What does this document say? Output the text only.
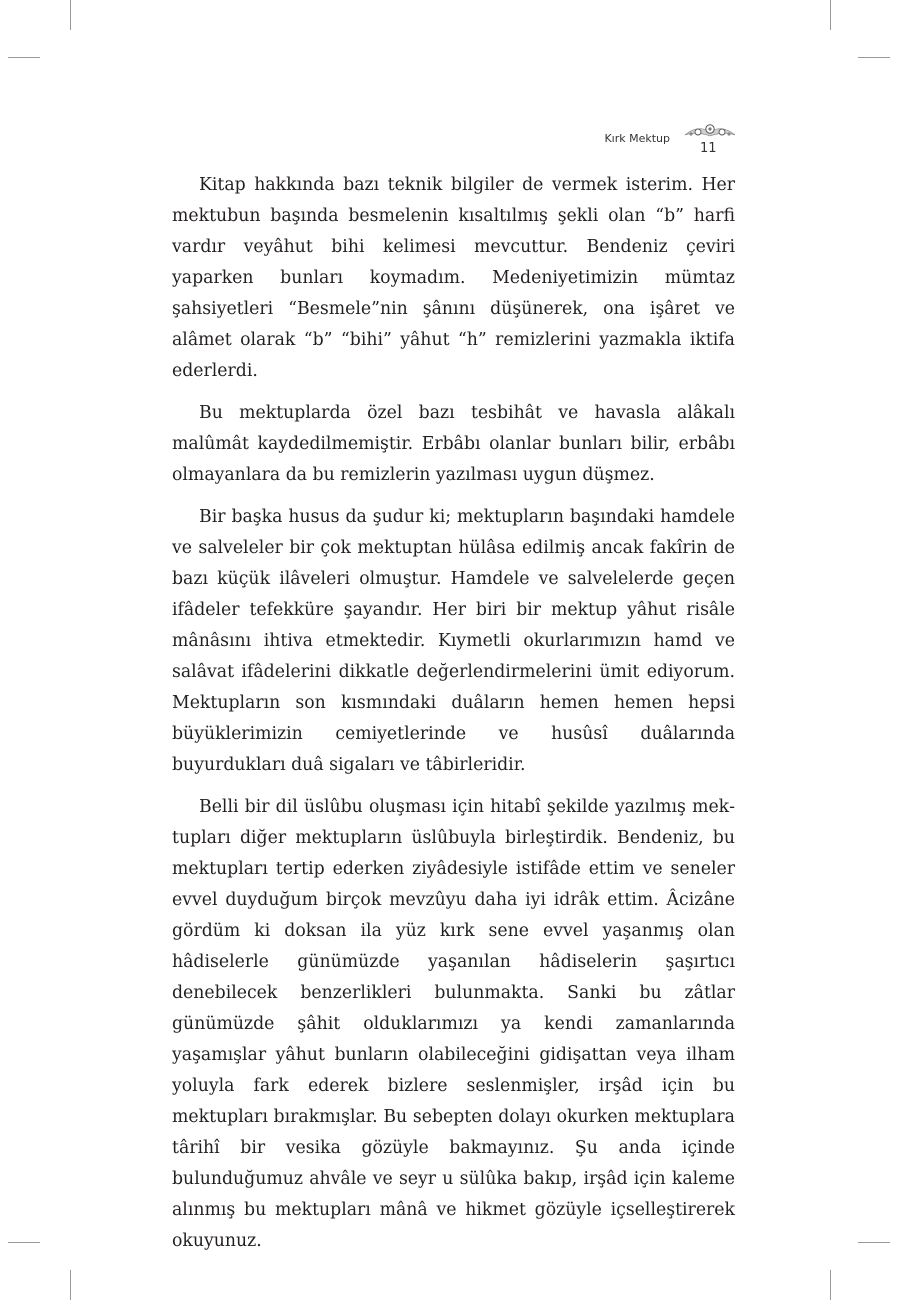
Kırk Mektup
11

Kitap hakkında bazı teknik bilgiler de vermek isterim. Her mektubun başında besmelenin kısaltılmış şekli olan “b” harfi vardır veyâhut bihi kelimesi mevcuttur. Bendeniz çeviri yaparken bunları koymadım. Medeniyetimizin mümtaz şahsiyetleri “Besmele”nin şânını düşünerek, ona işâret ve alâmet olarak “b” “bihi” yâhut “h” remizlerini yazmakla iktifa ederlerdi.

Bu mektuplarda özel bazı tesbihât ve havasla alâkalı malûmât kaydedilmemiştir. Erbâbı olanlar bunları bilir, erbâbı olmayanlara da bu remizlerin yazılması uygun düşmez.

Bir başka husus da şudur ki; mektupların başındaki hamdele ve salveleler bir çok mektuptan hülâsa edilmiş ancak fakîrin de bazı küçük ilâveleri olmuştur. Hamdele ve salvelelerde geçen ifâdeler tefekküre şayandır. Her biri bir mektup yâhut risâle mânâsını ihtiva etmektedir. Kıymetli okurlarımızın hamd ve salâvat ifâdelerini dikkatle değerlendirmelerini ümit ediyorum. Mektupların son kısmındaki duâların hemen hemen hepsi büyüklerimizin cemiyetlerinde ve husûsî duâlarında buyurdukları duâ sigaları ve tâbirleridir.

Belli bir dil üslûbu oluşması için hitabî şekilde yazılmış mektupları diğer mektupların üslûbuyla birleştirdik. Bendeniz, bu mektupları tertip ederken ziyâdesiyle istifâde ettim ve seneler evvel duyduğum birçok mevzûyu daha iyi idrâk ettim. Âcizâne gördüm ki doksan ila yüz kırk sene evvel yaşanmış olan hâdiselerle günümüzde yaşanılan hâdiselerin şaşırtıcı denebilecek benzerlikleri bulunmakta. Sanki bu zâtlar günümüzde şâhit olduklarımızı ya kendi zamanlarında yaşamışlar yâhut bunların olabileceğini gidişattan veya ilham yoluyla fark ederek bizlere seslenmişler, irşâd için bu mektupları bırakmışlar. Bu sebepten dolayı okurken mektuplara târihî bir vesika gözüyle bakmayınız. Şu anda içinde bulunduğumuz ahvâle ve seyr u sülûka bakıp, irşâd için kaleme alınmış bu mektupları mânâ ve hikmet gözüyle içselleştirerek okuyunuz.
